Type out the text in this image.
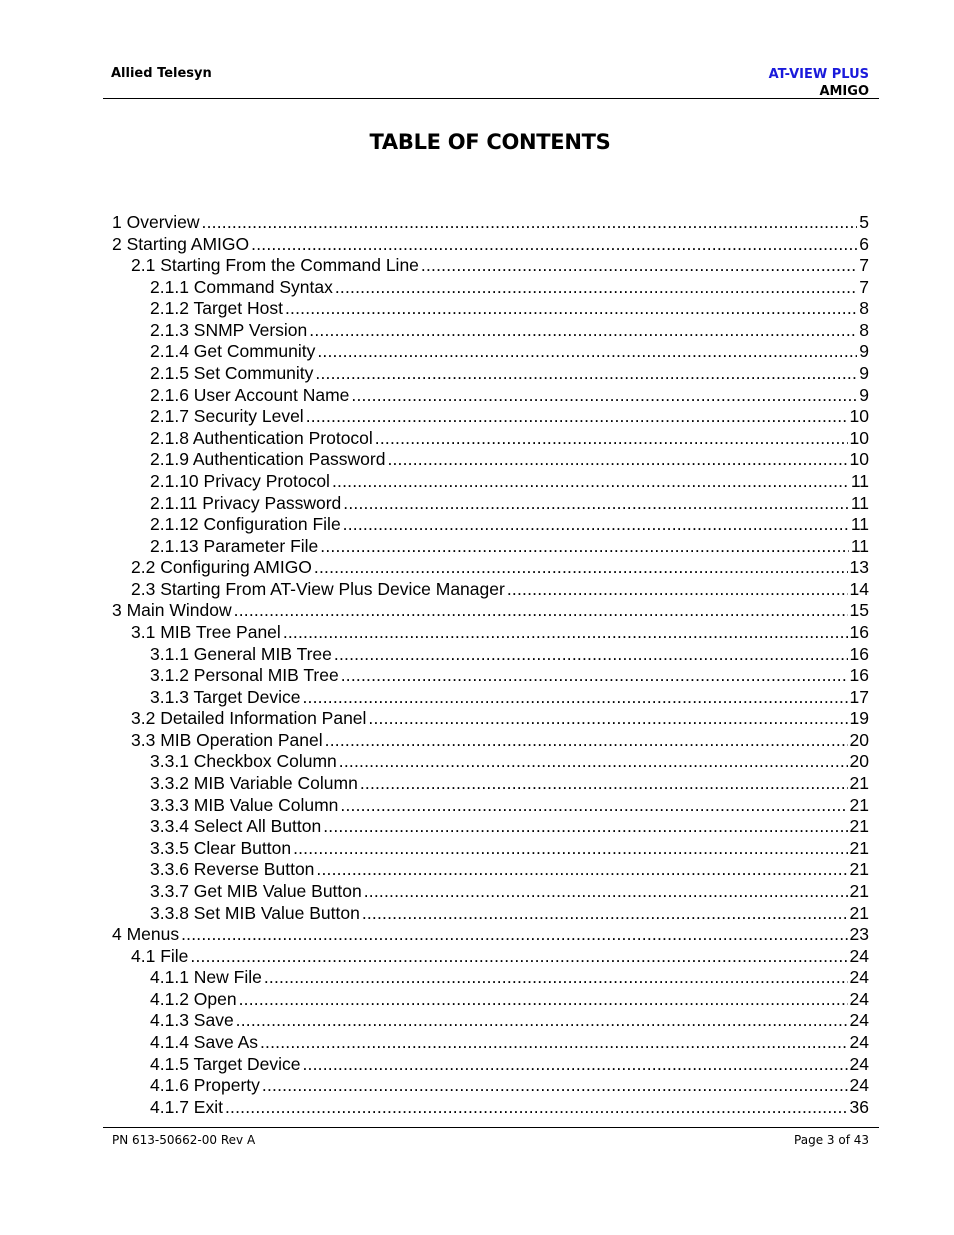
Allied Telesyn	AT-VIEW PLUS
AMIGO
TABLE OF CONTENTS
1 Overview .....	5
2 Starting AMIGO .....	6
2.1 Starting From the Command Line .....	7
2.1.1 Command Syntax .....	7
2.1.2 Target Host .....	8
2.1.3 SNMP Version .....	8
2.1.4 Get Community .....	9
2.1.5 Set Community .....	9
2.1.6 User Account Name .....	9
2.1.7 Security Level .....	10
2.1.8 Authentication Protocol .....	10
2.1.9 Authentication Password .....	10
2.1.10 Privacy Protocol .....	11
2.1.11 Privacy Password .....	11
2.1.12 Configuration File .....	11
2.1.13 Parameter File .....	11
2.2 Configuring AMIGO .....	13
2.3 Starting From AT-View Plus Device Manager .....	14
3 Main Window .....	15
3.1 MIB Tree Panel .....	16
3.1.1 General MIB Tree .....	16
3.1.2 Personal MIB Tree .....	16
3.1.3 Target Device .....	17
3.2 Detailed Information Panel .....	19
3.3 MIB Operation Panel .....	20
3.3.1 Checkbox Column .....	20
3.3.2 MIB Variable Column .....	21
3.3.3 MIB Value Column .....	21
3.3.4 Select All Button .....	21
3.3.5 Clear Button .....	21
3.3.6 Reverse Button .....	21
3.3.7 Get MIB Value Button .....	21
3.3.8 Set MIB Value Button .....	21
4 Menus .....	23
4.1 File .....	24
4.1.1 New File .....	24
4.1.2 Open .....	24
4.1.3 Save .....	24
4.1.4 Save As .....	24
4.1.5 Target Device .....	24
4.1.6 Property .....	24
4.1.7 Exit .....	36
PN 613-50662-00 Rev A	Page 3 of 43
